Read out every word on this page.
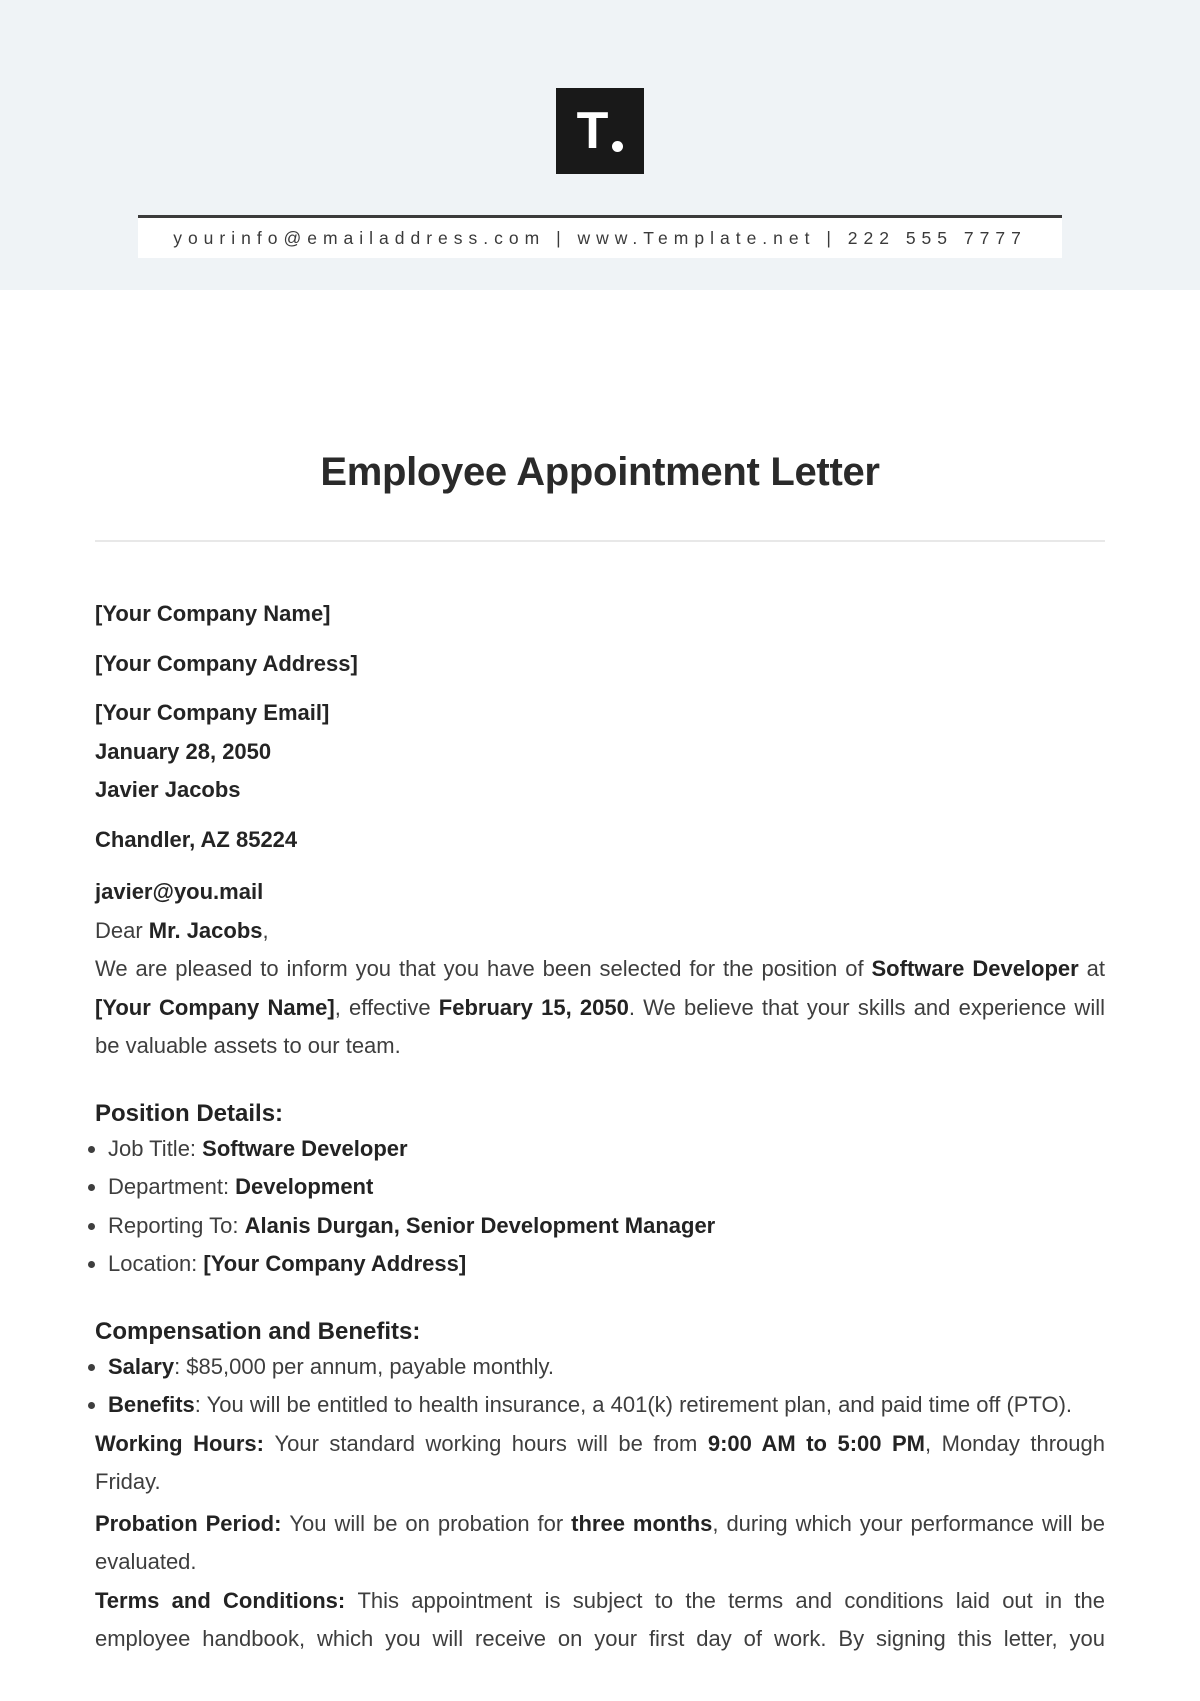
T
yourinfo@emailaddress.com | www.Template.net | 222 555 7777
Employee Appointment Letter

[Your Company Name]

[Your Company Address]

[Your Company Email]
January 28, 2050
Javier Jacobs

Chandler, AZ 85224

javier@you.mail

Dear Mr. Jacobs,

We are pleased to inform you that you have been selected for the position of Software Developer at [Your Company Name], effective February 15, 2050. We believe that your skills and experience will be valuable assets to our team.

Position Details:
• Job Title: Software Developer
• Department: Development
• Reporting To: Alanis Durgan, Senior Development Manager
• Location: [Your Company Address]
Compensation and Benefits:
• Salary: $85,000 per annum, payable monthly.
• Benefits: You will be entitled to health insurance, a 401(k) retirement plan, and paid time off (PTO).

Working Hours: Your standard working hours will be from 9:00 AM to 5:00 PM, Monday through Friday.

Probation Period: You will be on probation for three months, during which your performance will be evaluated.

Terms and Conditions: This appointment is subject to the terms and conditions laid out in the employee handbook, which you will receive on your first day of work. By signing this letter, you
